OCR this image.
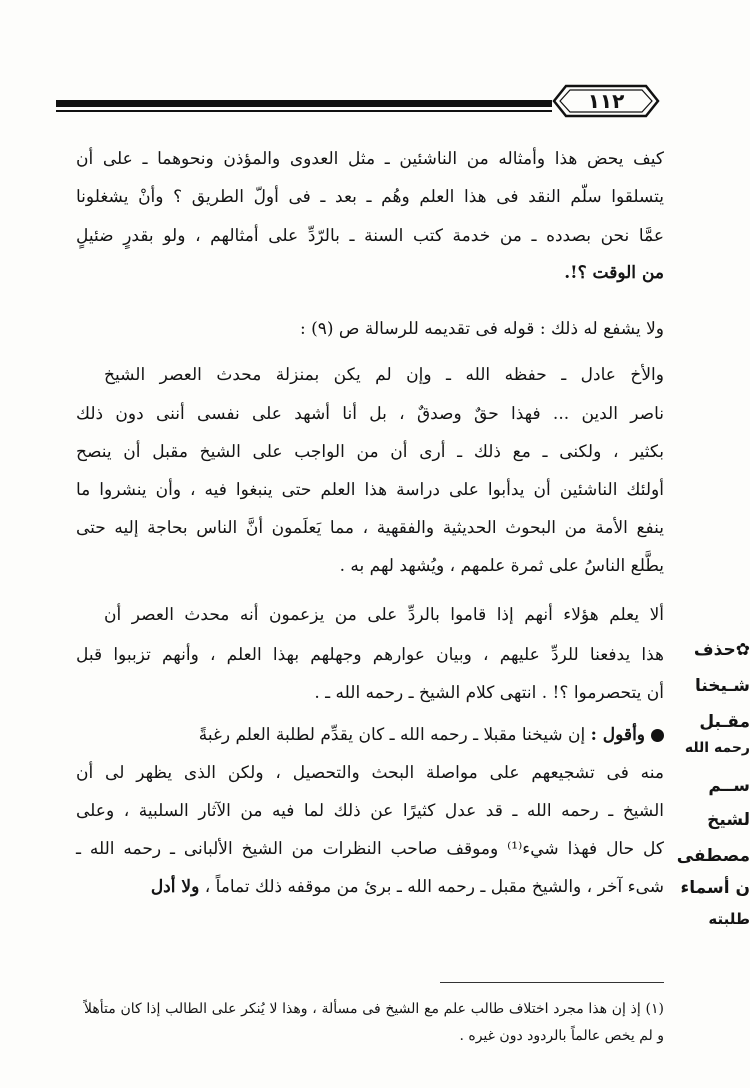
١١٢
كيف يحض هذا وأمثاله من الناشئين ـ مثل العدوى والمؤذن ونحوهما ـ على أن
يتسلقوا سلّم النقد فى هذا العلم وهُم ـ بعد ـ فى أولّ الطريق ؟ وأنْ يشغلونا
عمَّا نحن بصدده ـ من خدمة كتب السنة ـ بالرّدِّ على أمثالهم ، ولو بقدرٍ ضئيلٍ
من الوقت ؟!.
ولا يشفع له ذلك : قوله فى تقديمه للرسالة ص (٩) :
والأخ عادل ـ حفظه الله ـ وإن لم يكن بمنزلة محدث العصر الشيخ
ناصر الدين ... فهذا حقٌ وصدقٌ ، بل أنا أشهد على نفسى أننى دون ذلك
بكثير ، ولكنى ـ مع ذلك ـ أرى أن من الواجب على الشيخ مقبل أن ينصح
أولئك الناشئين أن يدأبوا على دراسة هذا العلم حتى ينبغوا فيه ، وأن ينشروا ما
ينفع الأمة من البحوث الحديثية والفقهية ، مما يَعلَمون أنَّ الناس بحاجة إليه حتى
يطَّلع الناسُ على ثمرة علمهم ، ويُشهد لهم به .
ألا يعلم هؤلاء أنهم إذا قاموا بالردِّ على من يزعمون أنه محدث العصر أن
هذا يدفعنا للردِّ عليهم ، وبيان عوارهم وجهلهم بهذا العلم ، وأنهم تزببوا قبل
أن يتحصرموا ؟! . انتهى كلام الشيخ ـ رحمه الله ـ .
وأقول : إن شيخنا مقبلا ـ رحمه الله ـ كان يقدِّم لطلبة العلم رغبةً
منه فى تشجيعهم على مواصلة البحث والتحصيل ، ولكن الذى يظهر لى أن
الشيخ ـ رحمه الله ـ قد عدل كثيرًا عن ذلك لما فيه من الآثار السلبية ، وعلى
كل حال فهذا شيء⁽¹⁾ وموقف صاحب النظرات من الشيخ الألبانى ـ رحمه الله ـ
شىء آخر ، والشيخ مقبل ـ رحمه الله ـ برئ من موقفه ذلك تماماً ، ولا أدل
✿حذف
شـيخنا
مقـبل
رحمه الله
ســم
لشيخ
مصطفى
ن أسماء
طلبته
(١) إذ إن هذا مجرد اختلاف طالب علم مع الشيخ فى مسألة ، وهذا لا يُنكر على الطالب إذا كان متأهلاً و لم يخص عالماً بالردود دون غيره .
